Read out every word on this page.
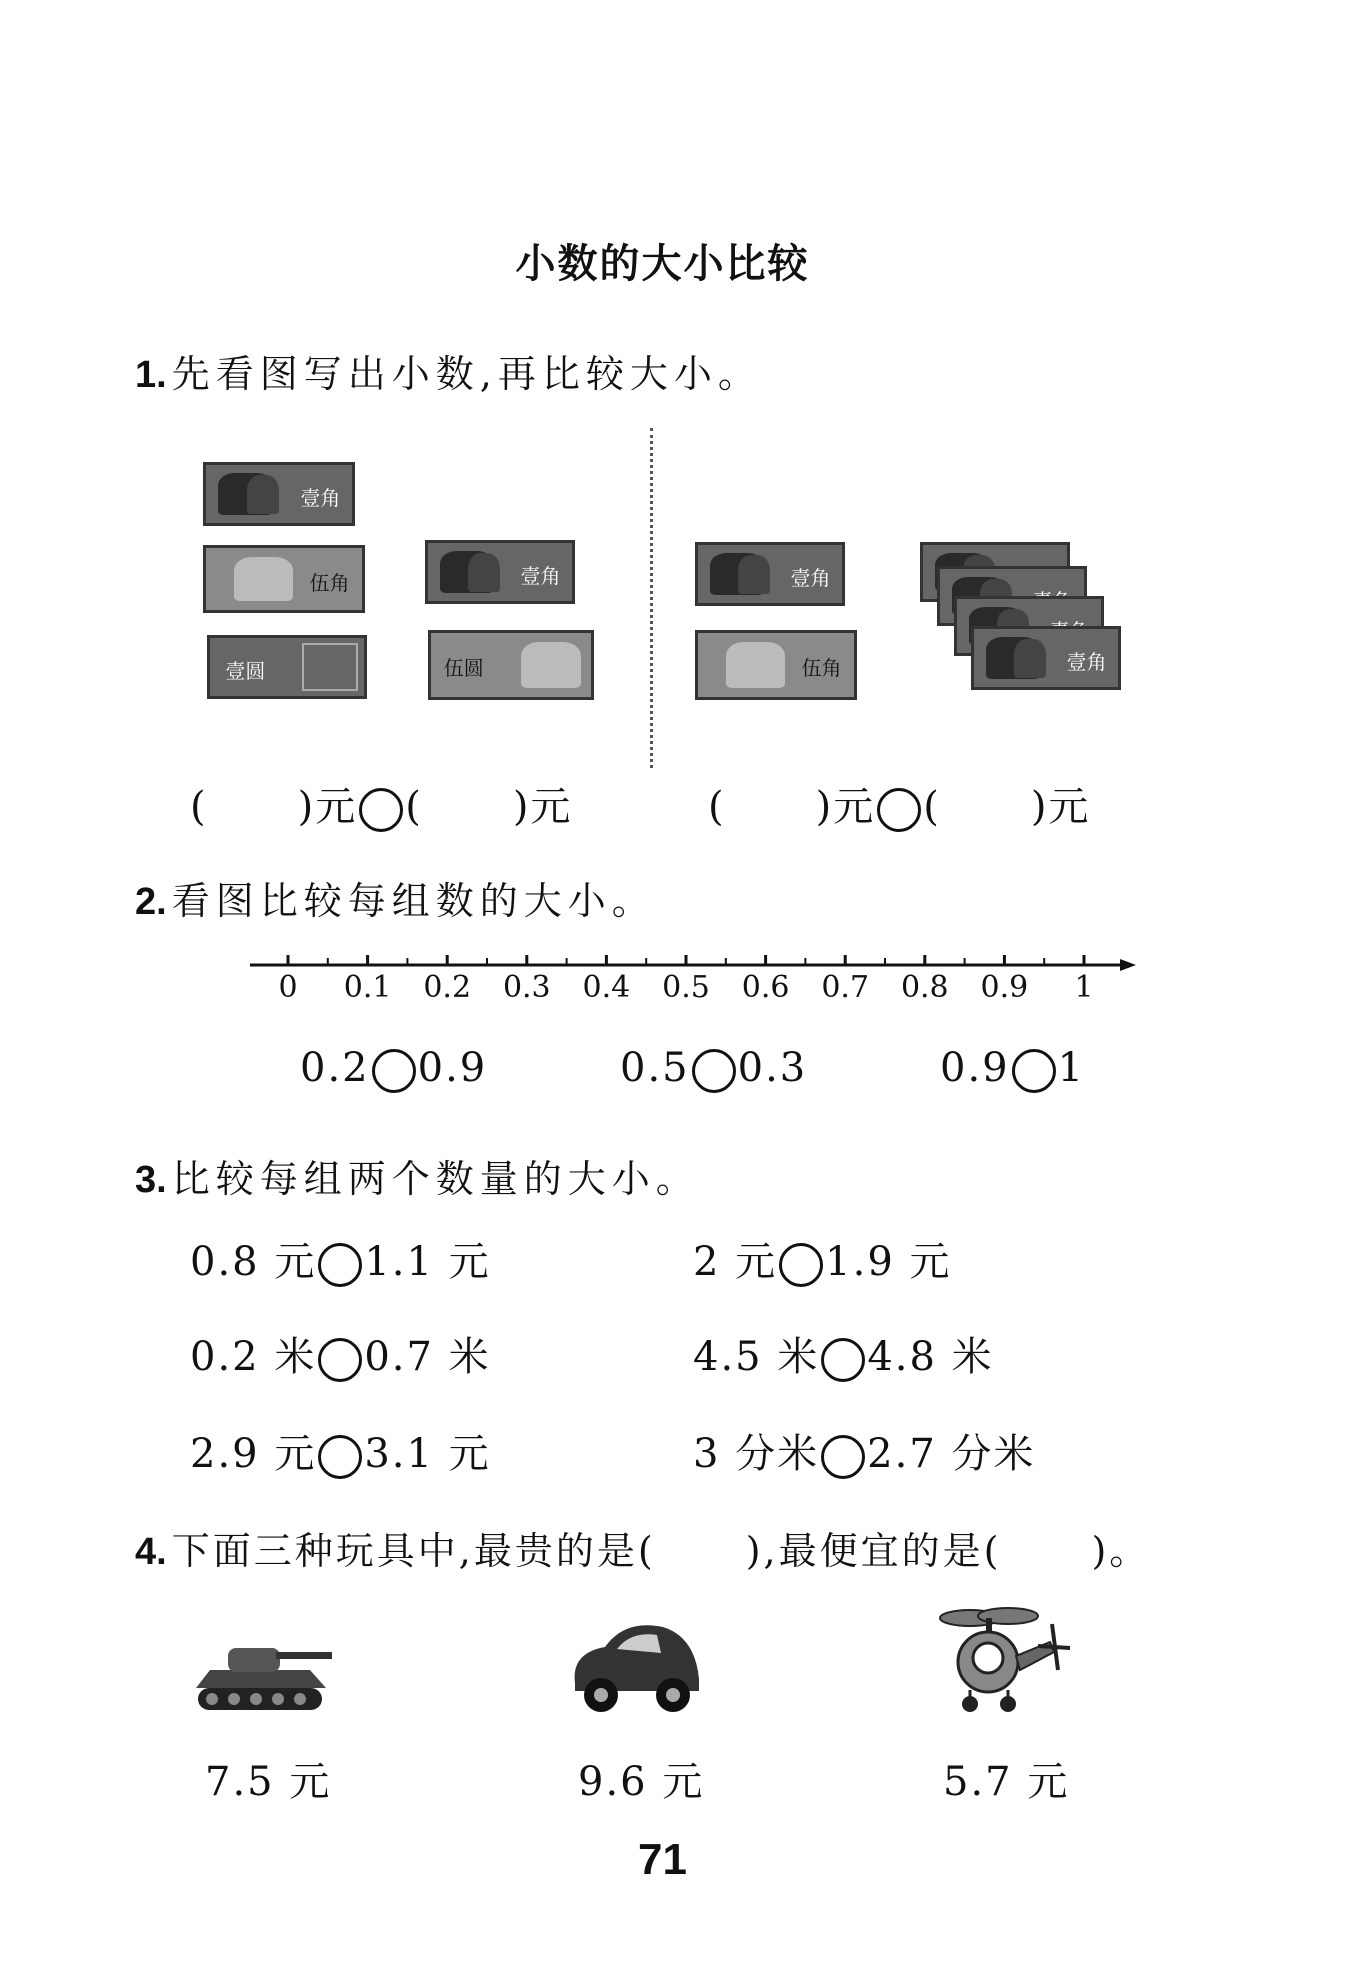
小数的大小比较
1. 先看图写出小数,再比较大小。
壹角
伍角
壹圆
壹角
伍圆
壹角
伍角	壹角
( )元 ( )元	( )元 ( )元
2. 看图比较每组数的大小。
0 0.1 0.2 0.3 0.4 0.5 0.6 0.7 0.8 0.9 1
0.2 0.9	0.5 0.3	0.9 1
3. 比较每组两个数量的大小。
0.8 元 1.1 元	2 元 1.9 元
0.2 米 0.7 米	4.5 米 4.8 米
2.9 元 3.1 元	3 分米 2.7 分米
4. 下面三种玩具中,最贵的是( ),最便宜的是( )。
7.5 元	9.6 元	5.7 元
71
